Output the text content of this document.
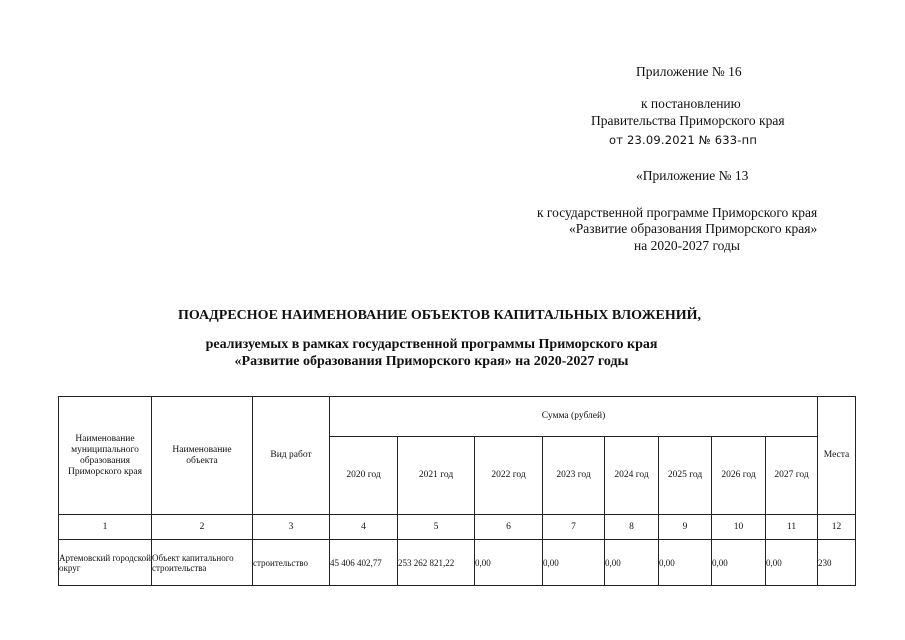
Приложение № 16
к постановлению
Правительства Приморского края
от 23.09.2021 № 633-пп
«Приложение № 13
к государственной программе Приморского края
«Развитие образования Приморского края»
на 2020-2027 годы
ПОАДРЕСНОЕ НАИМЕНОВАНИЕ ОБЪЕКТОВ КАПИТАЛЬНЫХ ВЛОЖЕНИЙ,
реализуемых в рамках государственной программы Приморского края
«Развитие образования Приморского края» на 2020-2027 годы
Наименование муниципального образования Приморского края	Наименование объекта	Вид работ	Сумма (рублей)								Места
			2020 год	2021 год	2022 год	2023 год	2024 год	2025 год	2026 год	2027 год	
1	2	3	4	5	6	7	8	9	10	11	12
Артемовский городской округ	Объект капитального строительства	строительство	45 406 402,77	253 262 821,22	0,00	0,00	0,00	0,00	0,00	0,00	230
